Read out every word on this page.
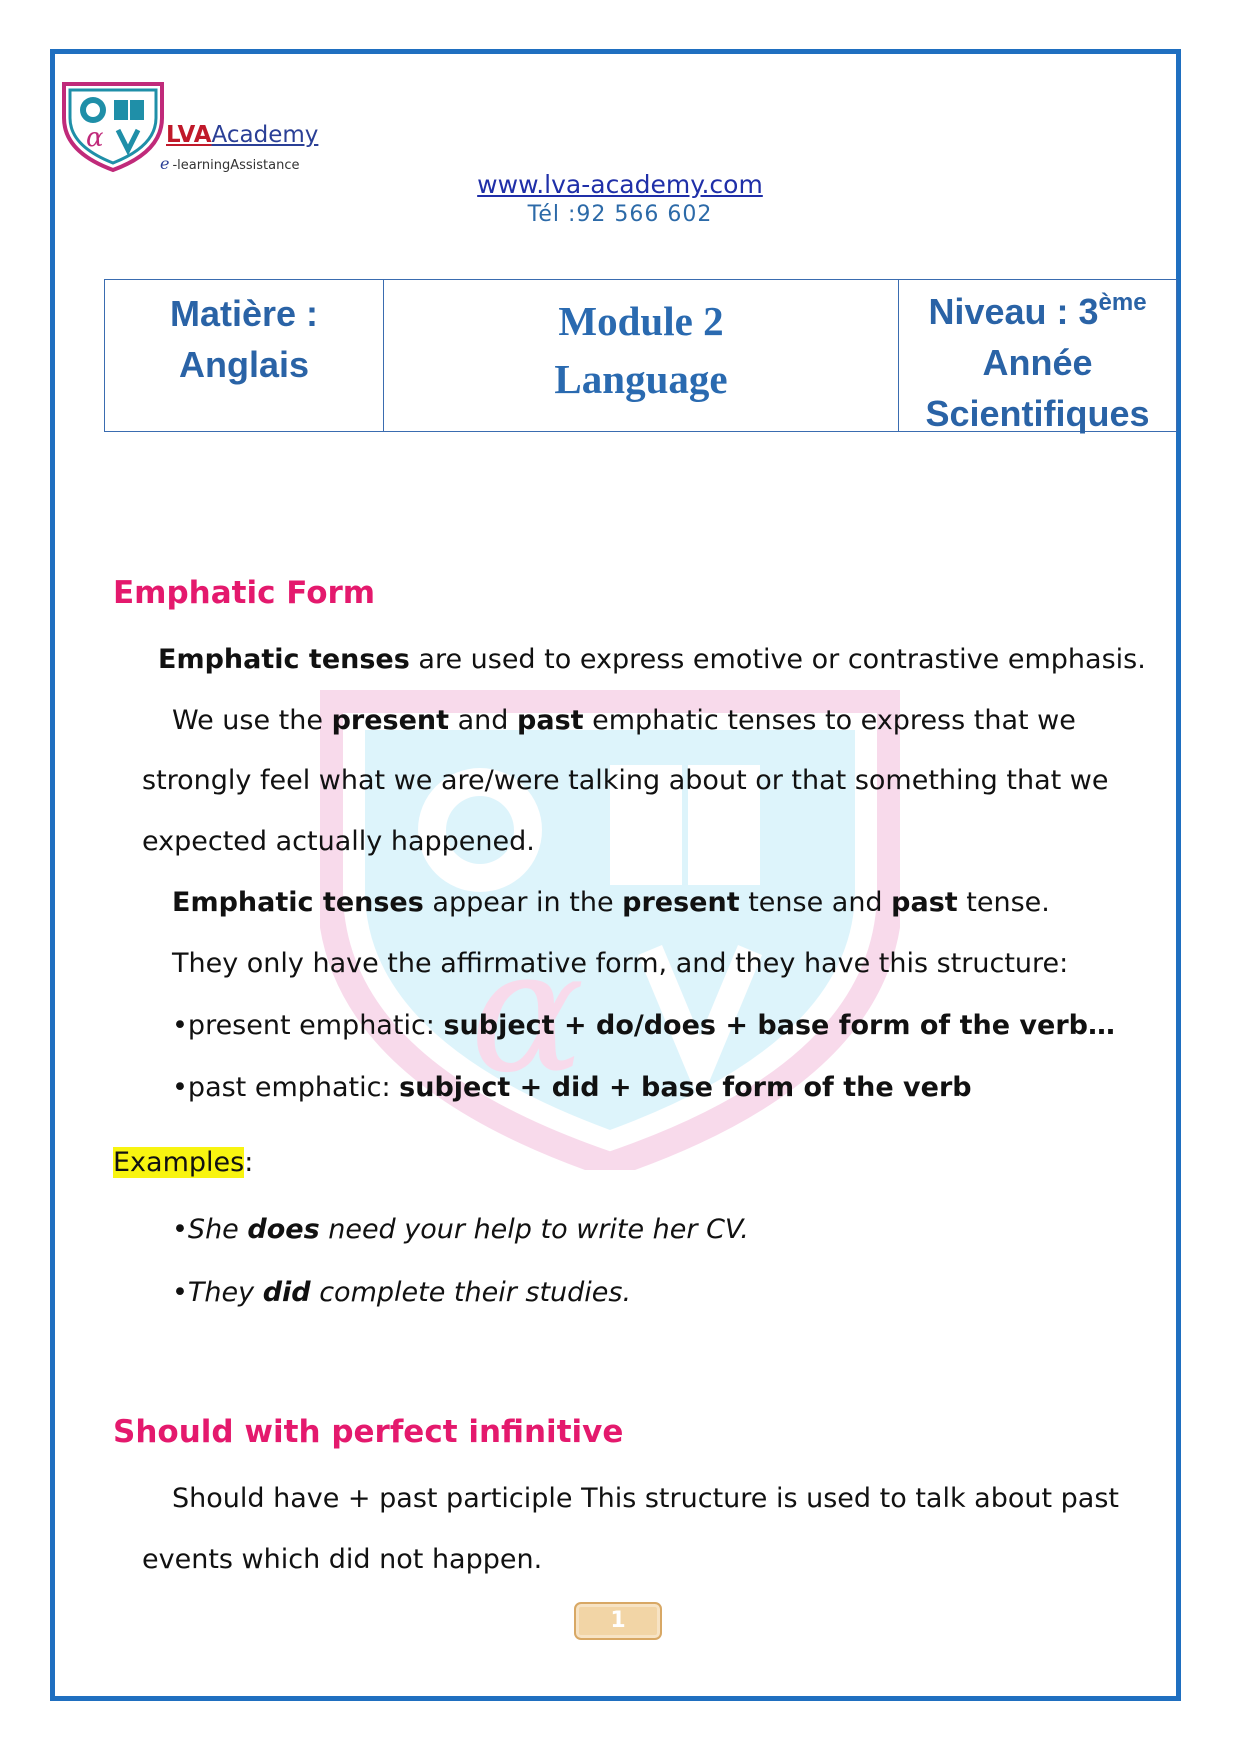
α	LVAAcademy
e -learningAssistance
www.lva-academy.com
Tél :92 566 602
Matière :
Anglais
Module 2
Language
Niveau : 3ème
Année
Scientifiques
α
Emphatic Form
Emphatic tenses are used to express emotive or contrastive emphasis.
We use the present and past emphatic tenses to express that we
strongly feel what we are/were talking about or that something that we
expected actually happened.
Emphatic tenses appear in the present tense and past tense.
They only have the affirmative form, and they have this structure:
•present emphatic: subject + do/does + base form of the verb…
•past emphatic: subject + did + base form of the verb
Examples:
•She does need your help to write her CV.
•They did complete their studies.
Should with perfect infinitive
Should have + past participle This structure is used to talk about past
events which did not happen.
1
